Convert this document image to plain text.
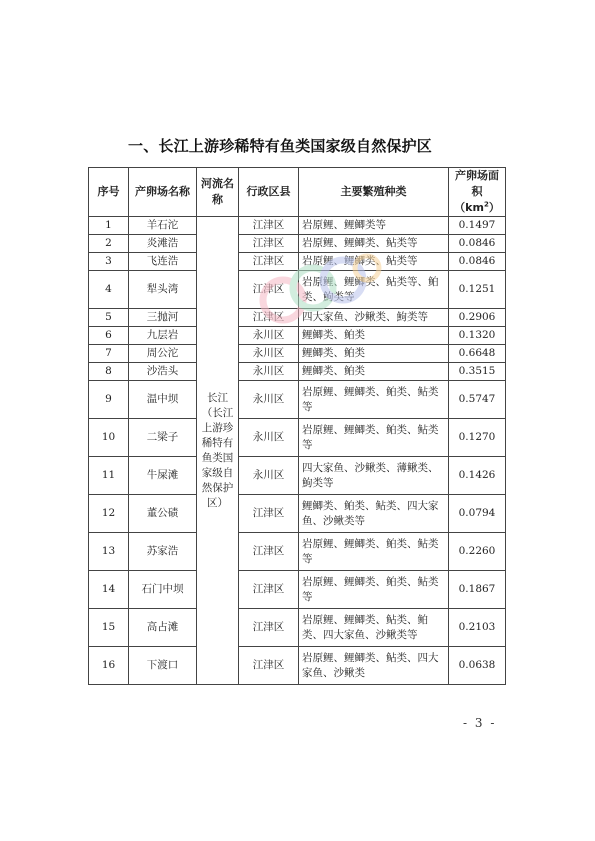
一、长江上游珍稀特有鱼类国家级自然保护区
序号	产卵场名称	河流名称	行政区县	主要繁殖种类	产卵场面积$(km^2)$
1	羊石沱	长江（长江上游珍稀特有鱼类国家级自然保护区）	江津区	岩原鲤、鲤鲫类等	0.1497
2	炎滩浩		江津区	岩原鲤、鲤鲫类、鲇类等	0.0846
3	飞连浩		江津区	岩原鲤、鲤鲫类、鲇类等	0.0846
4	犁头湾		江津区	岩原鲤、鲤鲫类、鲇类等、鲌类、鮈类等	0.1251
5	三抛河		江津区	四大家鱼、沙鳅类、鮈类等	0.2906
6	九层岩		永川区	鲤鲫类、鲌类	0.1320
7	周公沱		永川区	鲤鲫类、鲌类	0.6648
8	沙浩头		永川区	鲤鲫类、鲌类	0.3515
9	温中坝		永川区	岩原鲤、鲤鲫类、鲌类、鲇类等	0.5747
10	二梁子		永川区	岩原鲤、鲤鲫类、鲌类、鲇类等	0.1270
11	牛屎滩		永川区	四大家鱼、沙鳅类、薄鳅类、鮈类等	0.1426
12	董公碛		江津区	鲤鲫类、鲌类、鲇类、四大家鱼、沙鳅类等	0.0794
13	苏家浩		江津区	岩原鲤、鲤鲫类、鲌类、鲇类等	0.2260
14	石门中坝		江津区	岩原鲤、鲤鲫类、鲌类、鲇类等	0.1867
15	高占滩		江津区	岩原鲤、鲤鲫类、鲇类、鲌类、四大家鱼、沙鳅类等	0.2103
16	下渡口		江津区	岩原鲤、鲤鲫类、鲇类、四大家鱼、沙鳅类	0.0638
- 3 -
